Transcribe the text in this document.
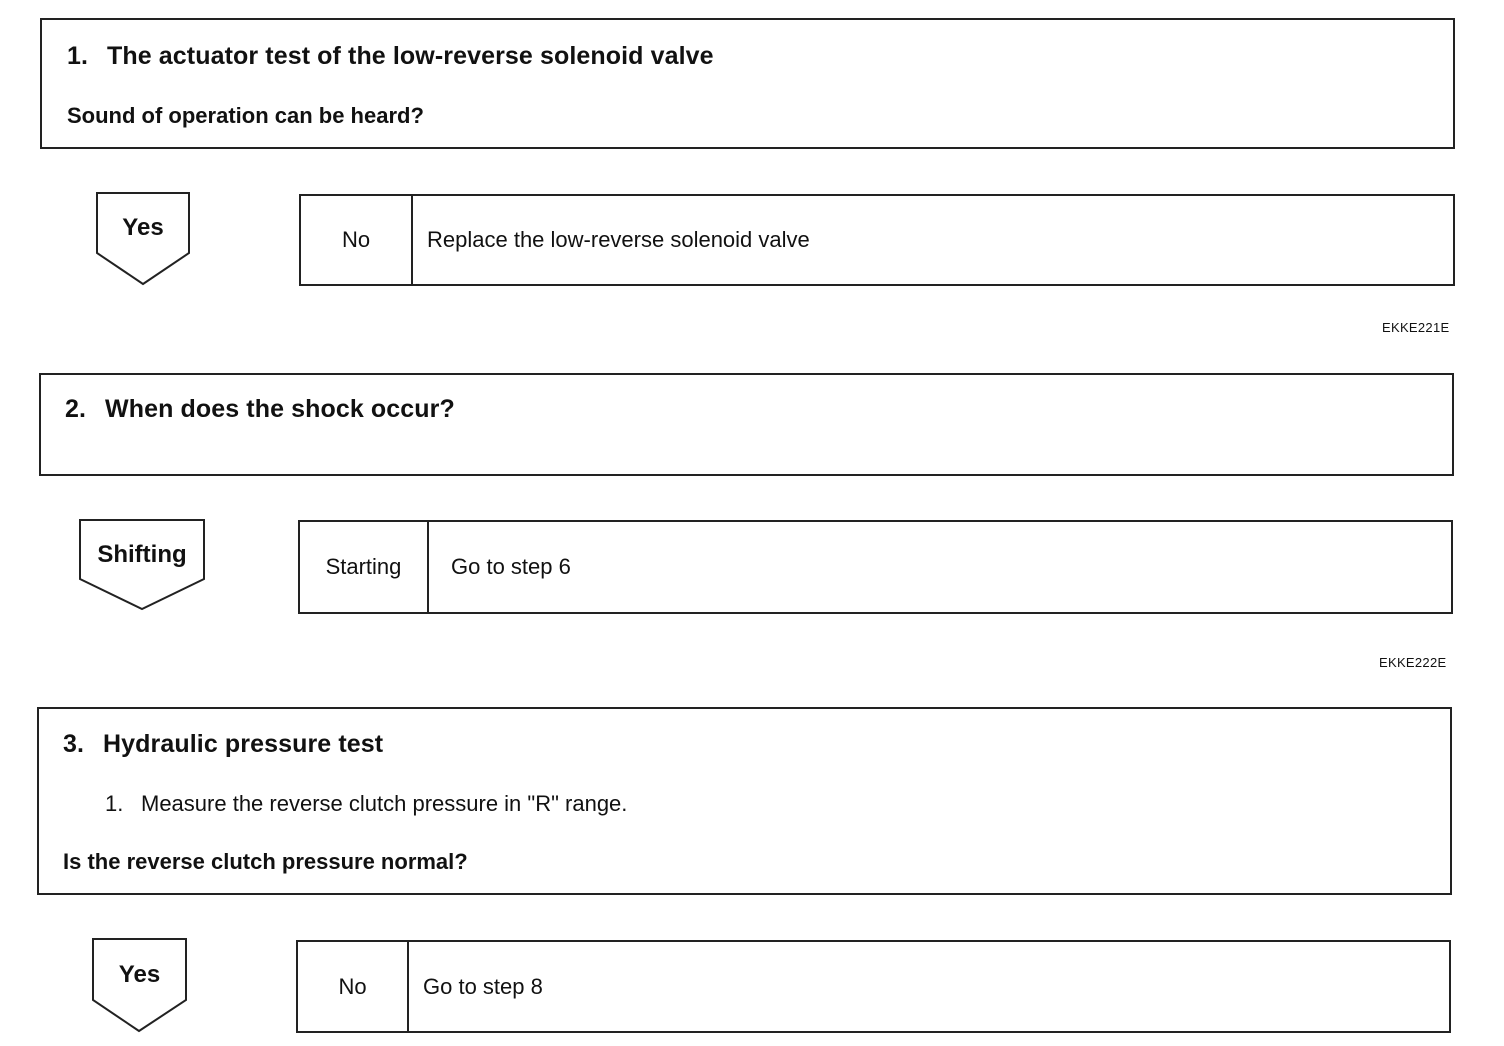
1. The actuator test of the low-reverse solenoid valve
Sound of operation can be heard?
Yes	No	Replace the low-reverse solenoid valve
EKKE221E
2. When does the shock occur?
Shifting	Starting	Go to step 6
EKKE222E
3. Hydraulic pressure test
1. Measure the reverse clutch pressure in "R" range.
Is the reverse clutch pressure normal?
Yes	No	Go to step 8
